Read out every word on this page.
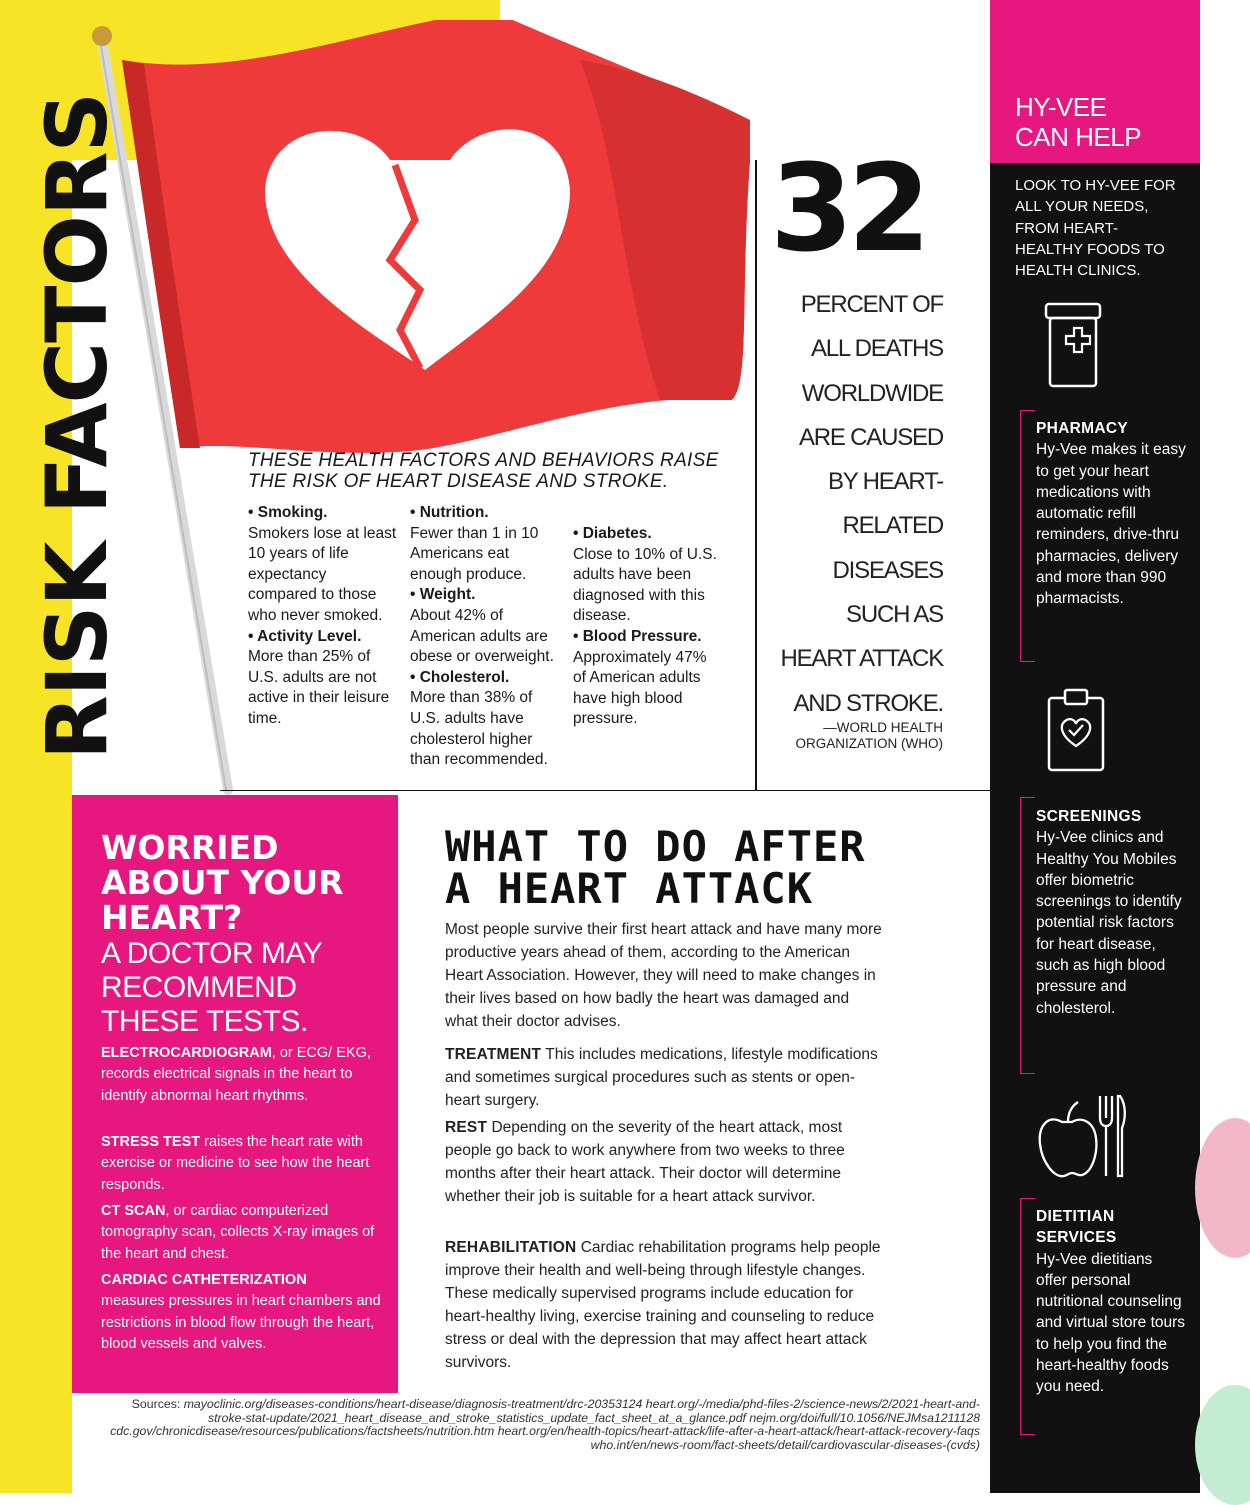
RISK FACTORS	THESE HEALTH FACTORS AND BEHAVIORS RAISE THE RISK OF HEART DISEASE AND STROKE.
• Smoking.
Smokers lose at least 10 years of life expectancy compared to those who never smoked.
• Activity Level.
More than 25% of U.S. adults are not active in their leisure time.
• Nutrition.
Fewer than 1 in 10 Americans eat enough produce.
• Weight.
About 42% of American adults are obese or overweight.
• Cholesterol.
More than 38% of U.S. adults have cholesterol higher than recommended.
• Diabetes.
Close to 10% of U.S. adults have been diagnosed with this disease.
• Blood Pressure.
Approximately 47% of American adults have high blood pressure.
32
PERCENT OF
ALL DEATHS
WORLDWIDE
ARE CAUSED
BY HEART-
RELATED
DISEASES
SUCH AS
HEART ATTACK
AND STROKE.
—WORLD HEALTH
ORGANIZATION (WHO)
HY-VEE
CAN HELP
LOOK TO HY-VEE FOR ALL YOUR NEEDS, FROM HEART-HEALTHY FOODS TO HEALTH CLINICS.
PHARMACY
Hy-Vee makes it easy to get your heart medications with automatic refill reminders, drive-thru pharmacies, delivery and more than 990 pharmacists.
SCREENINGS
Hy-Vee clinics and Healthy You Mobiles offer biometric screenings to identify potential risk factors for heart disease, such as high blood pressure and cholesterol.
DIETITIAN SERVICES
Hy-Vee dietitians offer personal nutritional counseling and virtual store tours to help you find the heart-healthy foods you need.
WORRIED ABOUT YOUR HEART?
A DOCTOR MAY RECOMMEND THESE TESTS.
ELECTROCARDIOGRAM, or ECG/ EKG, records electrical signals in the heart to identify abnormal heart rhythms.
STRESS TEST raises the heart rate with exercise or medicine to see how the heart responds.
CT SCAN, or cardiac computerized tomography scan, collects X-ray images of the heart and chest.
CARDIAC CATHETERIZATION
measures pressures in heart chambers and restrictions in blood flow through the heart, blood vessels and valves.
WHAT TO DO AFTER
A HEART ATTACK
Most people survive their first heart attack and have many more productive years ahead of them, according to the American Heart Association. However, they will need to make changes in their lives based on how badly the heart was damaged and what their doctor advises.
TREATMENT This includes medications, lifestyle modifications and sometimes surgical procedures such as stents or open-heart surgery.
REST Depending on the severity of the heart attack, most people go back to work anywhere from two weeks to three months after their heart attack. Their doctor will determine whether their job is suitable for a heart attack survivor.
REHABILITATION Cardiac rehabilitation programs help people improve their health and well-being through lifestyle changes. These medically supervised programs include education for heart-healthy living, exercise training and counseling to reduce stress or deal with the depression that may affect heart attack survivors.
Sources: mayoclinic.org/diseases-conditions/heart-disease/diagnosis-treatment/drc-20353124 heart.org/-/media/phd-files-2/science-news/2/2021-heart-and-stroke-stat-update/2021_heart_disease_and_stroke_statistics_update_fact_sheet_at_a_glance.pdf nejm.org/doi/full/10.1056/NEJMsa1211128 cdc.gov/chronicdisease/resources/publications/factsheets/nutrition.htm heart.org/en/health-topics/heart-attack/life-after-a-heart-attack/heart-attack-recovery-faqs who.int/en/news-room/fact-sheets/detail/cardiovascular-diseases-(cvds)
